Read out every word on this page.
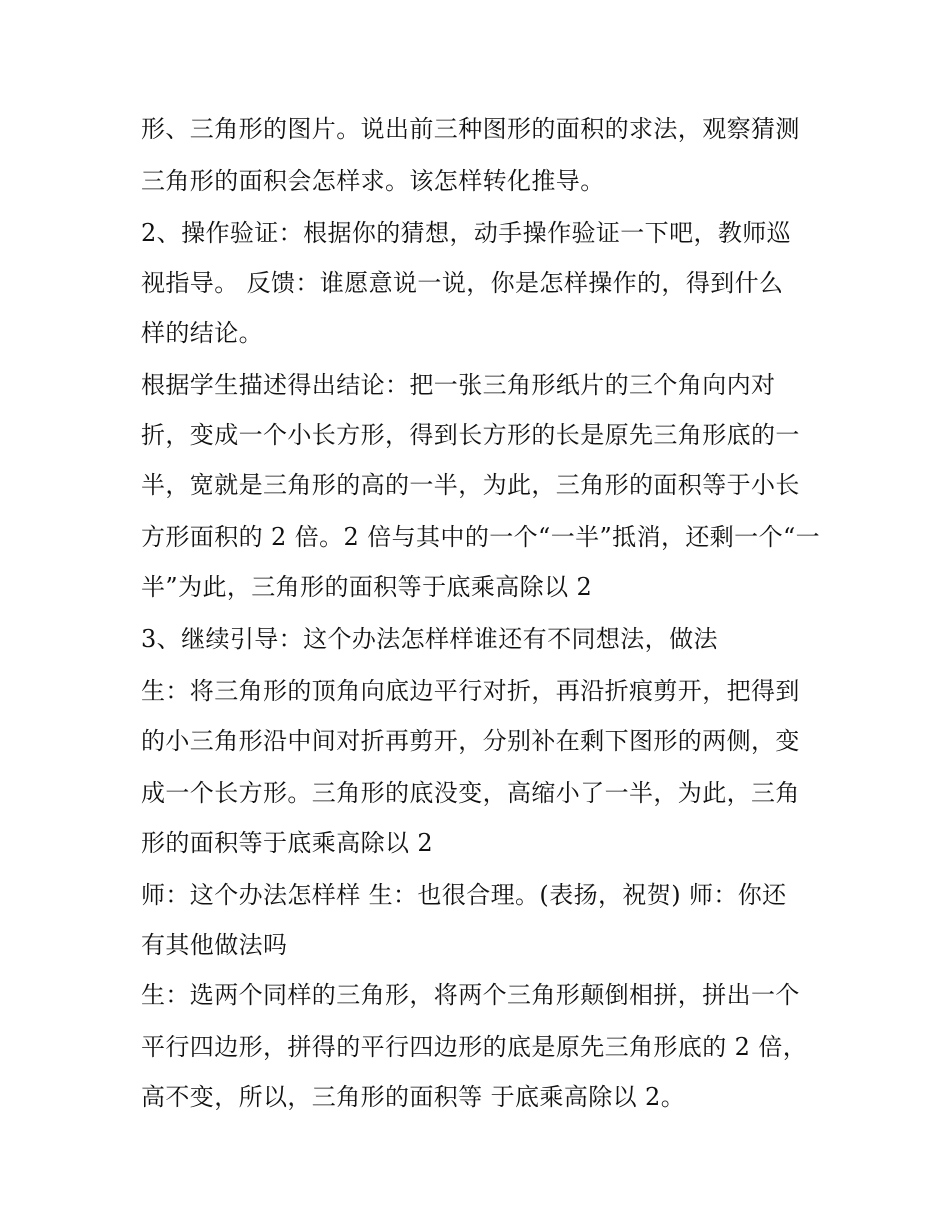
形、三角形的图片。说出前三种图形的面积的求法，观察猜测
三角形的面积会怎样求。该怎样转化推导。
2、操作验证：根据你的猜想，动手操作验证一下吧，教师巡
视指导。 反馈：谁愿意说一说，你是怎样操作的，得到什么
样的结论。
根据学生描述得出结论：把一张三角形纸片的三个角向内对
折，变成一个小长方形，得到长方形的长是原先三角形底的一
半，宽就是三角形的高的一半，为此，三角形的面积等于小长
方形面积的 2 倍。2 倍与其中的一个“一半”抵消，还剩一个“一
半”为此，三角形的面积等于底乘高除以 2
3、继续引导：这个办法怎样样谁还有不同想法，做法
生：将三角形的顶角向底边平行对折，再沿折痕剪开，把得到
的小三角形沿中间对折再剪开，分别补在剩下图形的两侧，变
成一个长方形。三角形的底没变，高缩小了一半，为此，三角
形的面积等于底乘高除以 2
师：这个办法怎样样 生：也很合理。(表扬，祝贺) 师：你还
有其他做法吗
生：选两个同样的三角形，将两个三角形颠倒相拼，拼出一个
平行四边形，拼得的平行四边形的底是原先三角形底的 2 倍，
高不变，所以，三角形的面积等 于底乘高除以 2。
